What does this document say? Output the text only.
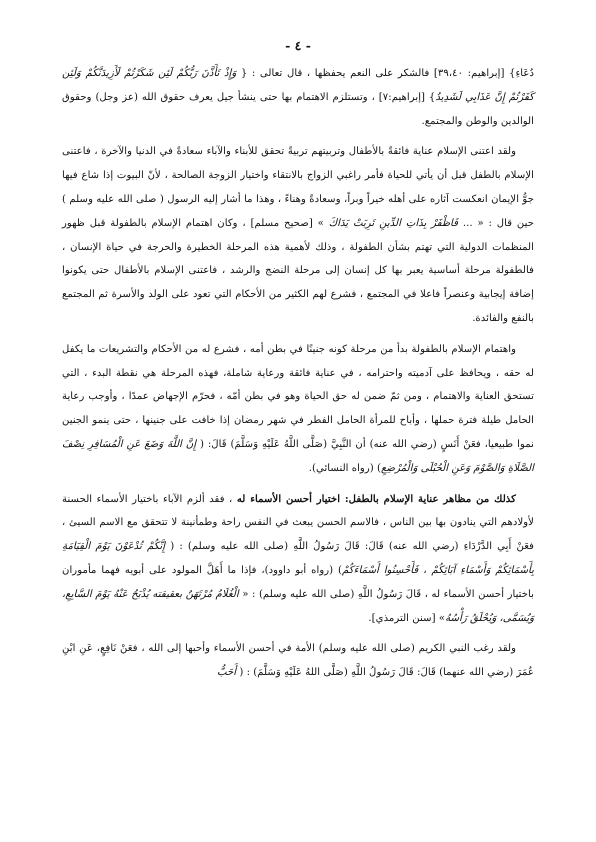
- ٤ -

دُعَاءِ} [إبراهيم: ٣٩،٤٠] فالشكر على النعم يحفظها ، قال تعالى : { وَإِذْ تَأَذَّنَ رَبُّكُمْ لَئِن شَكَرْتُمْ لَأَزِيدَنَّكُمْ وَلَئِن كَفَرْتُمْ إِنَّ عَذَابِي لَشَدِيدٌ} [إبراهيم:٧] ، وتستلزم الاهتمام بها حتى ينشأ جيل يعرف حقوق الله (عز وجل) وحقوق الوالدين والوطن والمجتمع.

ولقد اعتنى الإسلام عناية فائقةً بالأطفال وتربيتهم تربيةً تحقق للأبناء والآباء سعادةً في الدنيا والآخرة ، فاعتنى الإسلام بالطفل قبل أن يأتي للحياة فأمر راغبي الزواج بالانتقاء واختيار الزوجة الصالحة ، لأنّ البيوت إذا شاع فيها جوُّ الإيمان انعكست آثاره على أهله خيراً وبراً، وسعادةً وهناءً ، وهذا ما أشار إليه الرسول ( صلى الله عليه وسلم ) حين قال : « ... فَاظْفَرْ بِذَاتِ الدِّينِ تَرِبَتْ يَدَاكَ » [صحيح مسلم] ، وكان اهتمام الإسلام بالطفولة قبل ظهور المنظمات الدولية التي تهتم بشأن الطفولة ، وذلك لأهمية هذه المرحلة الخطيرة والحرجة في حياة الإنسان ، فالطفولة مرحلة أساسية يعبر بها كل إنسان إلى مرحلة النضج والرشد ، فاعتنى الإسلام بالأطفال حتى يكونوا إضافة إيجابية وعنصراً فاعلا في المجتمع ، فشرع لهم الكثير من الأحكام التي تعود على الولد والأسرة ثم المجتمع بالنفع والفائدة.

واهتمام الإسلام بالطفولة بدأ من مرحلة كونه جنينًا في بطن أمه ، فشرع له من الأحكام والتشريعات ما يكفل له حقه ، ويحافظ على آدميته واحترامه ، في عناية فائقة ورعاية شاملة، فهذه المرحلة هي نقطة البدء ، التي تستحق العناية والاهتمام ، ومن ثمّ ضمن له حق الحياة وهو في بطن أمّه ، فحرّم الإجهاض عمدًا ، وأوجب رعاية الحامل طيلة فترة حملها ، وأباح للمرأة الحامل الفطر في شهر رمضان إذا خافت على جنينها ، حتى ينمو الجنين نموا طبيعيا، فعَنْ أَنَسٍ (رضي الله عنه) أن النَّبِيَّ (صَلَّى اللَّهُ عَلَيْهِ وَسَلَّمَ) قَالَ: ( إِنَّ اللَّهَ وَضَعَ عَنِ الْمُسَافِرِ نِصْفَ الصَّلَاةِ وَالصَّوْمَ وَعَنِ الْحُبْلَى وَالْمُرْضِعِ) (رواه النسائي).

كذلك من مظاهر عناية الإسلام بالطفل: اختيار أحسن الأسماء له ، فقد ألزم الآباء باختيار الأسماء الحسنة لأولادهم التي ينادون بها بين الناس ، فالاسم الحسن يبعث في النفس راحة وطمأنينة لا تتحقق مع الاسم السيئ ، فعَنْ أَبِي الدَّرْدَاءِ (رضي الله عنه) قَالَ: قَالَ رَسُولُ اللَّهِ (صلى الله عليه وسلم) : ( إِنَّكُمْ تُدْعَوْنَ يَوْمَ الْقِيَامَةِ بِأَسْمَائِكُمْ وَأَسْمَاءِ آبَائِكُمْ ، فَأَحْسِنُوا أَسْمَاءَكُمْ) (رواه أبو داوود)، فإذا ما أَهَلَّ المولود على أبويه فهما مأموران باختيار أحسن الأسماء له ، قَالَ رَسُولُ اللَّهِ (صلى الله عليه وسلم) : « الْغُلَامُ مُرْتَهَنٌ بعقيقته يُذْبَحُ عَنْهُ يَوْمَ السَّابِعِ، وَيُسَمَّى، وَيُحْلَقُ رَأْسُهُ» [سنن الترمذي].

ولقد رغب النبي الكريم (صلى الله عليه وسلم) الأمة في أحسن الأسماء وأحبها إلى الله ، فعَنْ نَافِعٍ، عَنِ ابْنِ عُمَرَ (رضي الله عنهما) قَالَ: قَالَ رَسُولُ اللَّهِ (صَلَّى اللهُ عَلَيْهِ وَسَلَّمَ) : ( أَحَبُّ
